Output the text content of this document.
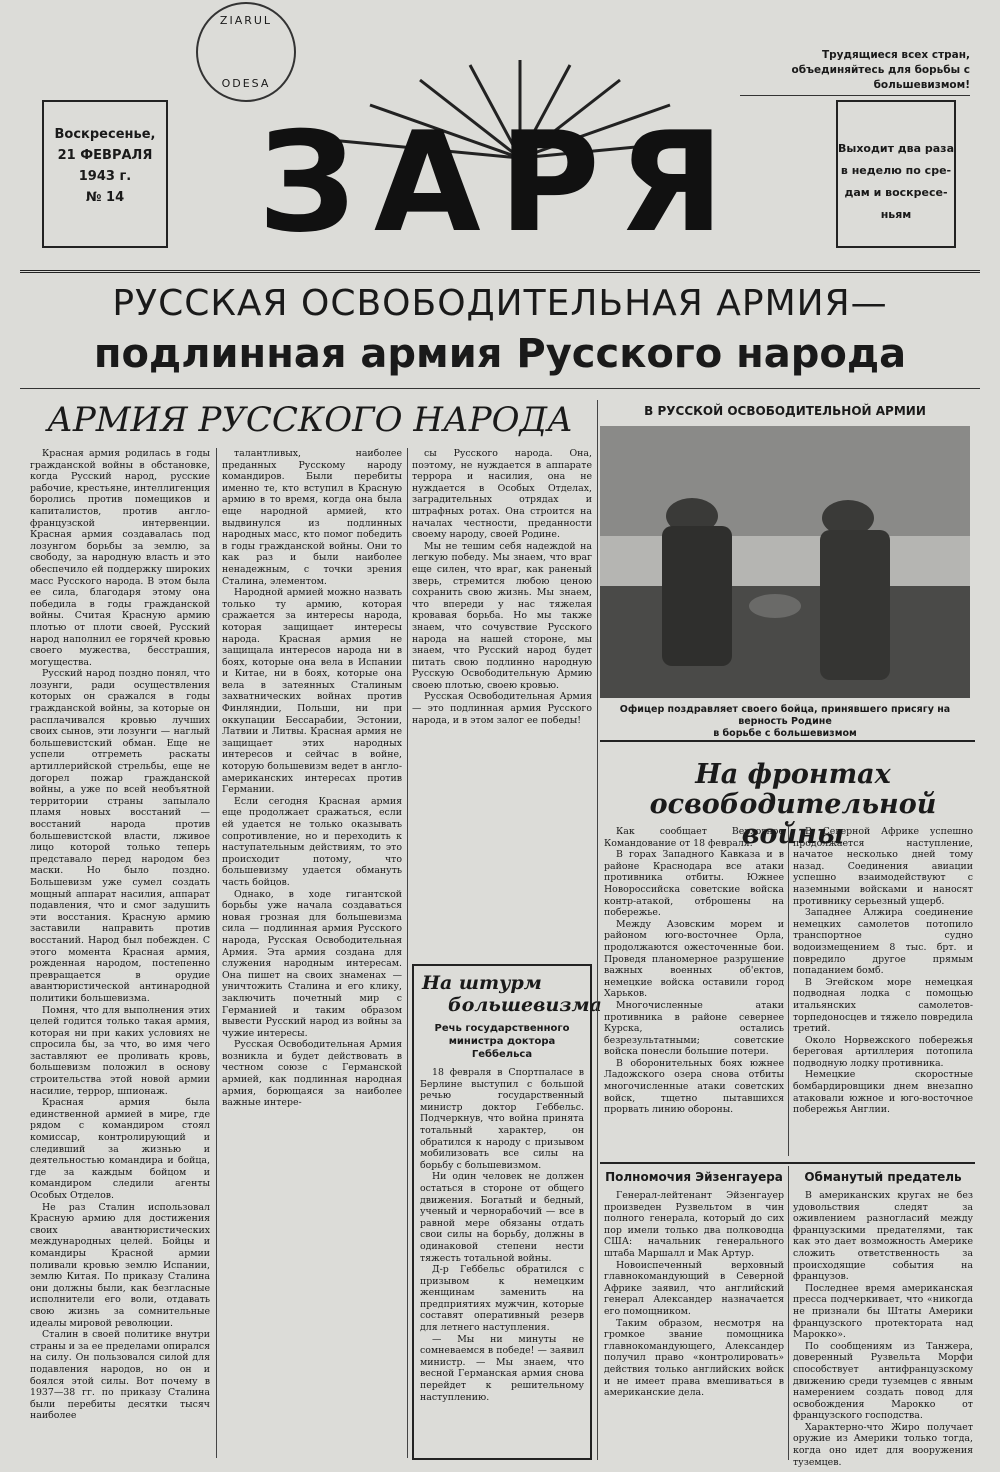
ZIARUL
ODESA
Трудящиеся всех стран,
объединяйтесь для борьбы с большевизмом!
Воскресенье,
21 ФЕВРАЛЯ
1943 г.
№ 14 ЗАРЯ	Выходит два раза
в неделю по сре-
дам и воскресе-
ньям
РУССКАЯ ОСВОБОДИТЕЛЬНАЯ АРМИЯ—
подлинная армия Русского народа
АРМИЯ РУССКОГО НАРОДА

Красная армия родилась в годы гражданской войны в обстановке, когда Русский народ, русские рабочие, крестьяне, интеллигенция боролись против помещиков и капиталистов, против англо-французской интервенции. Красная армия создавалась под лозунгом борьбы за землю, за свободу, за народную власть и это обеспечило ей поддержку широких масс Русского народа. В этом была ее сила, благодаря этому она победила в годы гражданской войны. Считая Красную армию плотью от плоти своей, Русский народ наполнил ее горячей кровью своего мужества, бесстрашия, могущества.

Русский народ поздно понял, что лозунги, ради осуществления которых он сражался в годы гражданской войны, за которые он расплачивался кровью лучших своих сынов, эти лозунги — наглый большевистский обман. Еще не успели отгреметь раскаты артиллерийской стрельбы, еще не догорел пожар гражданской войны, а уже по всей необъятной территории страны запылало пламя новых восстаний — восстаний народа против большевистской власти, лживое лицо которой только теперь представало перед народом без маски. Но было поздно. Большевизм уже сумел создать мощный аппарат насилия, аппарат подавления, что и смог задушить эти восстания. Красную армию заставили направить против восстаний. Народ был побежден. С этого момента Красная армия, рожденная народом, постепенно превращается в орудие авантюристической антинародной политики большевизма.

Помня, что для выполнения этих целей годится только такая армия, которая ни при каких условиях не спросила бы, за что, во имя чего заставляют ее проливать кровь, большевизм положил в основу строительства этой новой армии насилие, террор, шпионаж.

Красная армия была единственной армией в мире, где рядом с командиром стоял комиссар, контролирующий и следивший за жизнью и деятельностью командира и бойца, где за каждым бойцом и командиром следили агенты Особых Отделов.

Не раз Сталин использовал Красную армию для достижения своих авантюристических международных целей. Бойцы и командиры Красной армии поливали кровью землю Испании, землю Китая. По приказу Сталина они должны были, как безгласные исполнители его воли, отдавать свою жизнь за сомнительные идеалы мировой революции.

Сталин в своей политике внутри страны и за ее пределами опирался на силу. Он пользовался силой для подавления народов, но он и боялся этой силы. Вот почему в 1937—38 гг. по приказу Сталина были перебиты десятки тысяч наиболее

талантливых, наиболее преданных Русскому народу командиров. Были перебиты именно те, кто вступил в Красную армию в то время, когда она была еще народной армией, кто выдвинулся из подлинных народных масс, кто помог победить в годы гражданской войны. Они то как раз и были наиболее ненадежным, с точки зрения Сталина, элементом.

Народной армией можно назвать только ту армию, которая сражается за интересы народа, которая защищает интересы народа. Красная армия не защищала интересов народа ни в боях, которые она вела в Испании и Китае, ни в боях, которые она вела в затеянных Сталиным захватнических войнах против Финляндии, Польши, ни при оккупации Бессарабии, Эстонии, Латвии и Литвы. Красная армия не защищает этих народных интересов и сейчас в войне, которую большевизм ведет в англо-американских интересах против Германии.

Если сегодня Красная армия еще продолжает сражаться, если ей удается не только оказывать сопротивление, но и переходить к наступательным действиям, то это происходит потому, что большевизму удается обмануть часть бойцов.

Однако, в ходе гигантской борьбы уже начала создаваться новая грозная для большевизма сила — подлинная армия Русского народа, Русская Освободительная Армия. Эта армия создана для служения народным интересам. Она пишет на своих знаменах — уничтожить Сталина и его клику, заключить почетный мир с Германией и таким образом вывести Русский народ из войны за чужие интересы.

Русская Освободительная Армия возникла и будет действовать в честном союзе с Германской армией, как подлинная народная армия, борющаяся за наиболее важные интере-

сы Русского народа. Она, поэтому, не нуждается в аппарате террора и насилия, она не нуждается в Особых Отделах, заградительных отрядах и штрафных ротах. Она строится на началах честности, преданности своему народу, своей Родине.

Мы не тешим себя надеждой на легкую победу. Мы знаем, что враг еще силен, что враг, как раненый зверь, стремится любою ценою сохранить свою жизнь. Мы знаем, что впереди у нас тяжелая кровавая борьба. Но мы также знаем, что сочувствие Русского народа на нашей стороне, мы знаем, что Русский народ будет питать свою подлинно народную Русскую Освободительную Армию своею плотью, своею кровью.

Русская Освободительная Армия — это подлинная армия Русского народа, и в этом залог ее победы!

На штурм
большевизма
Речь государственного министра доктора Геббельса

18 февраля в Спортпаласе в Берлине выступил с большой речью государственный министр доктор Геббельс. Подчеркнув, что война принята тотальный характер, он обратился к народу с призывом мобилизовать все силы на борьбу с большевизмом.

Ни один человек не должен остаться в стороне от общего движения. Богатый и бедный, ученый и чернорабочий — все в равной мере обязаны отдать свои силы на борьбу, должны в одинаковой степени нести тяжесть тотальной войны.

Д-р Геббельс обратился с призывом к немецким женщинам заменить на предприятиях мужчин, которые составят оперативный резерв для летнего наступления.

— Мы ни минуты не сомневаемся в победе! — заявил министр. — Мы знаем, что весной Германская армия снова перейдет к решительному наступлению.

В РУССКОЙ ОСВОБОДИТЕЛЬНОЙ АРМИИ
Офицер поздравляет своего бойца, принявшего присягу на верность Родине
в борьбе с большевизмом
На фронтах
освободительной войны

Как сообщает Верховное Командование от 18 февраля:

В горах Западного Кавказа и в районе Краснодара все атаки противника отбиты. Южнее Новороссийска советские войска контр-атакой, отброшены на побережье.

Между Азовским морем и районом юго-восточнее Орла, продолжаются ожесточенные бои. Проведя планомерное разрушение важных военных об'ектов, немецкие войска оставили город Харьков.

Многочисленные атаки противника в районе севернее Курска, остались безрезультатными; советские войска понесли большие потери.

В оборонительных боях южнее Ладожского озера снова отбиты многочисленные атаки советских войск, тщетно пытавшихся прорвать линию обороны.

В Северной Африке успешно продолжается наступление, начатое несколько дней тому назад. Соединения авиации успешно взаимодействуют с наземными войсками и наносят противнику серьезный ущерб.

Западнее Алжира соединение немецких самолетов потопило транспортное судно водоизмещением 8 тыс. брт. и повредило другое прямым попаданием бомб.

В Эгейском море немецкая подводная лодка с помощью итальянских самолетов-торпедоносцев и тяжело повредила третий.

Около Норвежского побережья береговая артиллерия потопила подводную лодку противника.

Немецкие скоростные бомбардировщики днем внезапно атаковали южное и юго-восточное побережья Англии.

Полномочия Эйзенгауера

Генерал-лейтенант Эйзенгауер произведен Рузвельтом в чин полного генерала, который до сих пор имели только два полководца США: начальник генерального штаба Маршалл и Мак Артур.

Новоиспеченный верховный главнокомандующий в Северной Африке заявил, что английский генерал Александер назначается его помощником.

Таким образом, несмотря на громкое звание помощника главнокомандующего, Александер получил право «контролировать» действия только английских войск и не имеет права вмешиваться в американские дела.

Обманутый предатель

В американских кругах не без удовольствия следят за оживлением разногласий между французскими предателями, так как это дает возможность Америке сложить ответственность за происходящие события на французов.

Последнее время американская пресса подчеркивает, что «никогда не признали бы Штаты Америки французского протектората над Марокко».

По сообщениям из Танжера, доверенный Рузвельта Морфи способствует антифранцузскому движению среди туземцев с явным намерением создать повод для освобождения Марокко от французского господства.

Характерно-что Жиро получает оружие из Америки только тогда, когда оно идет для вооружения туземцев.
